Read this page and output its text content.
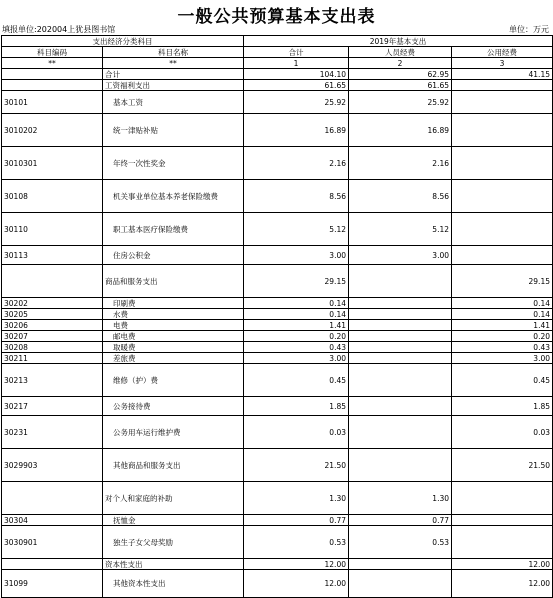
一般公共预算基本支出表
填报单位:202004上犹县图书馆	单位：万元
支出经济分类科目		2019年基本支出		
科目编码	科目名称	合计	人员经费	公用经费
**	**	1	2	3
	合计	104.10	62.95	41.15
	工资福利支出	61.65	61.65	
30101	基本工资	25.92	25.92	
3010202	统一津贴补贴	16.89	16.89	
3010301	年终一次性奖金	2.16	2.16	
30108	机关事业单位基本养老保险缴费	8.56	8.56	
30110	职工基本医疗保险缴费	5.12	5.12	
30113	住房公积金	3.00	3.00	
	商品和服务支出	29.15		29.15
30202	印刷费	0.14		0.14
30205	水费	0.14		0.14
30206	电费	1.41		1.41
30207	邮电费	0.20		0.20
30208	取暖费	0.43		0.43
30211	差旅费	3.00		3.00
30213	维修（护）费	0.45		0.45
30217	公务接待费	1.85		1.85
30231	公务用车运行维护费	0.03		0.03
3029903	其他商品和服务支出	21.50		21.50
	对个人和家庭的补助	1.30	1.30	
30304	抚恤金	0.77	0.77	
3030901	独生子女父母奖励	0.53	0.53	
	资本性支出	12.00		12.00
31099	其他资本性支出	12.00		12.00
